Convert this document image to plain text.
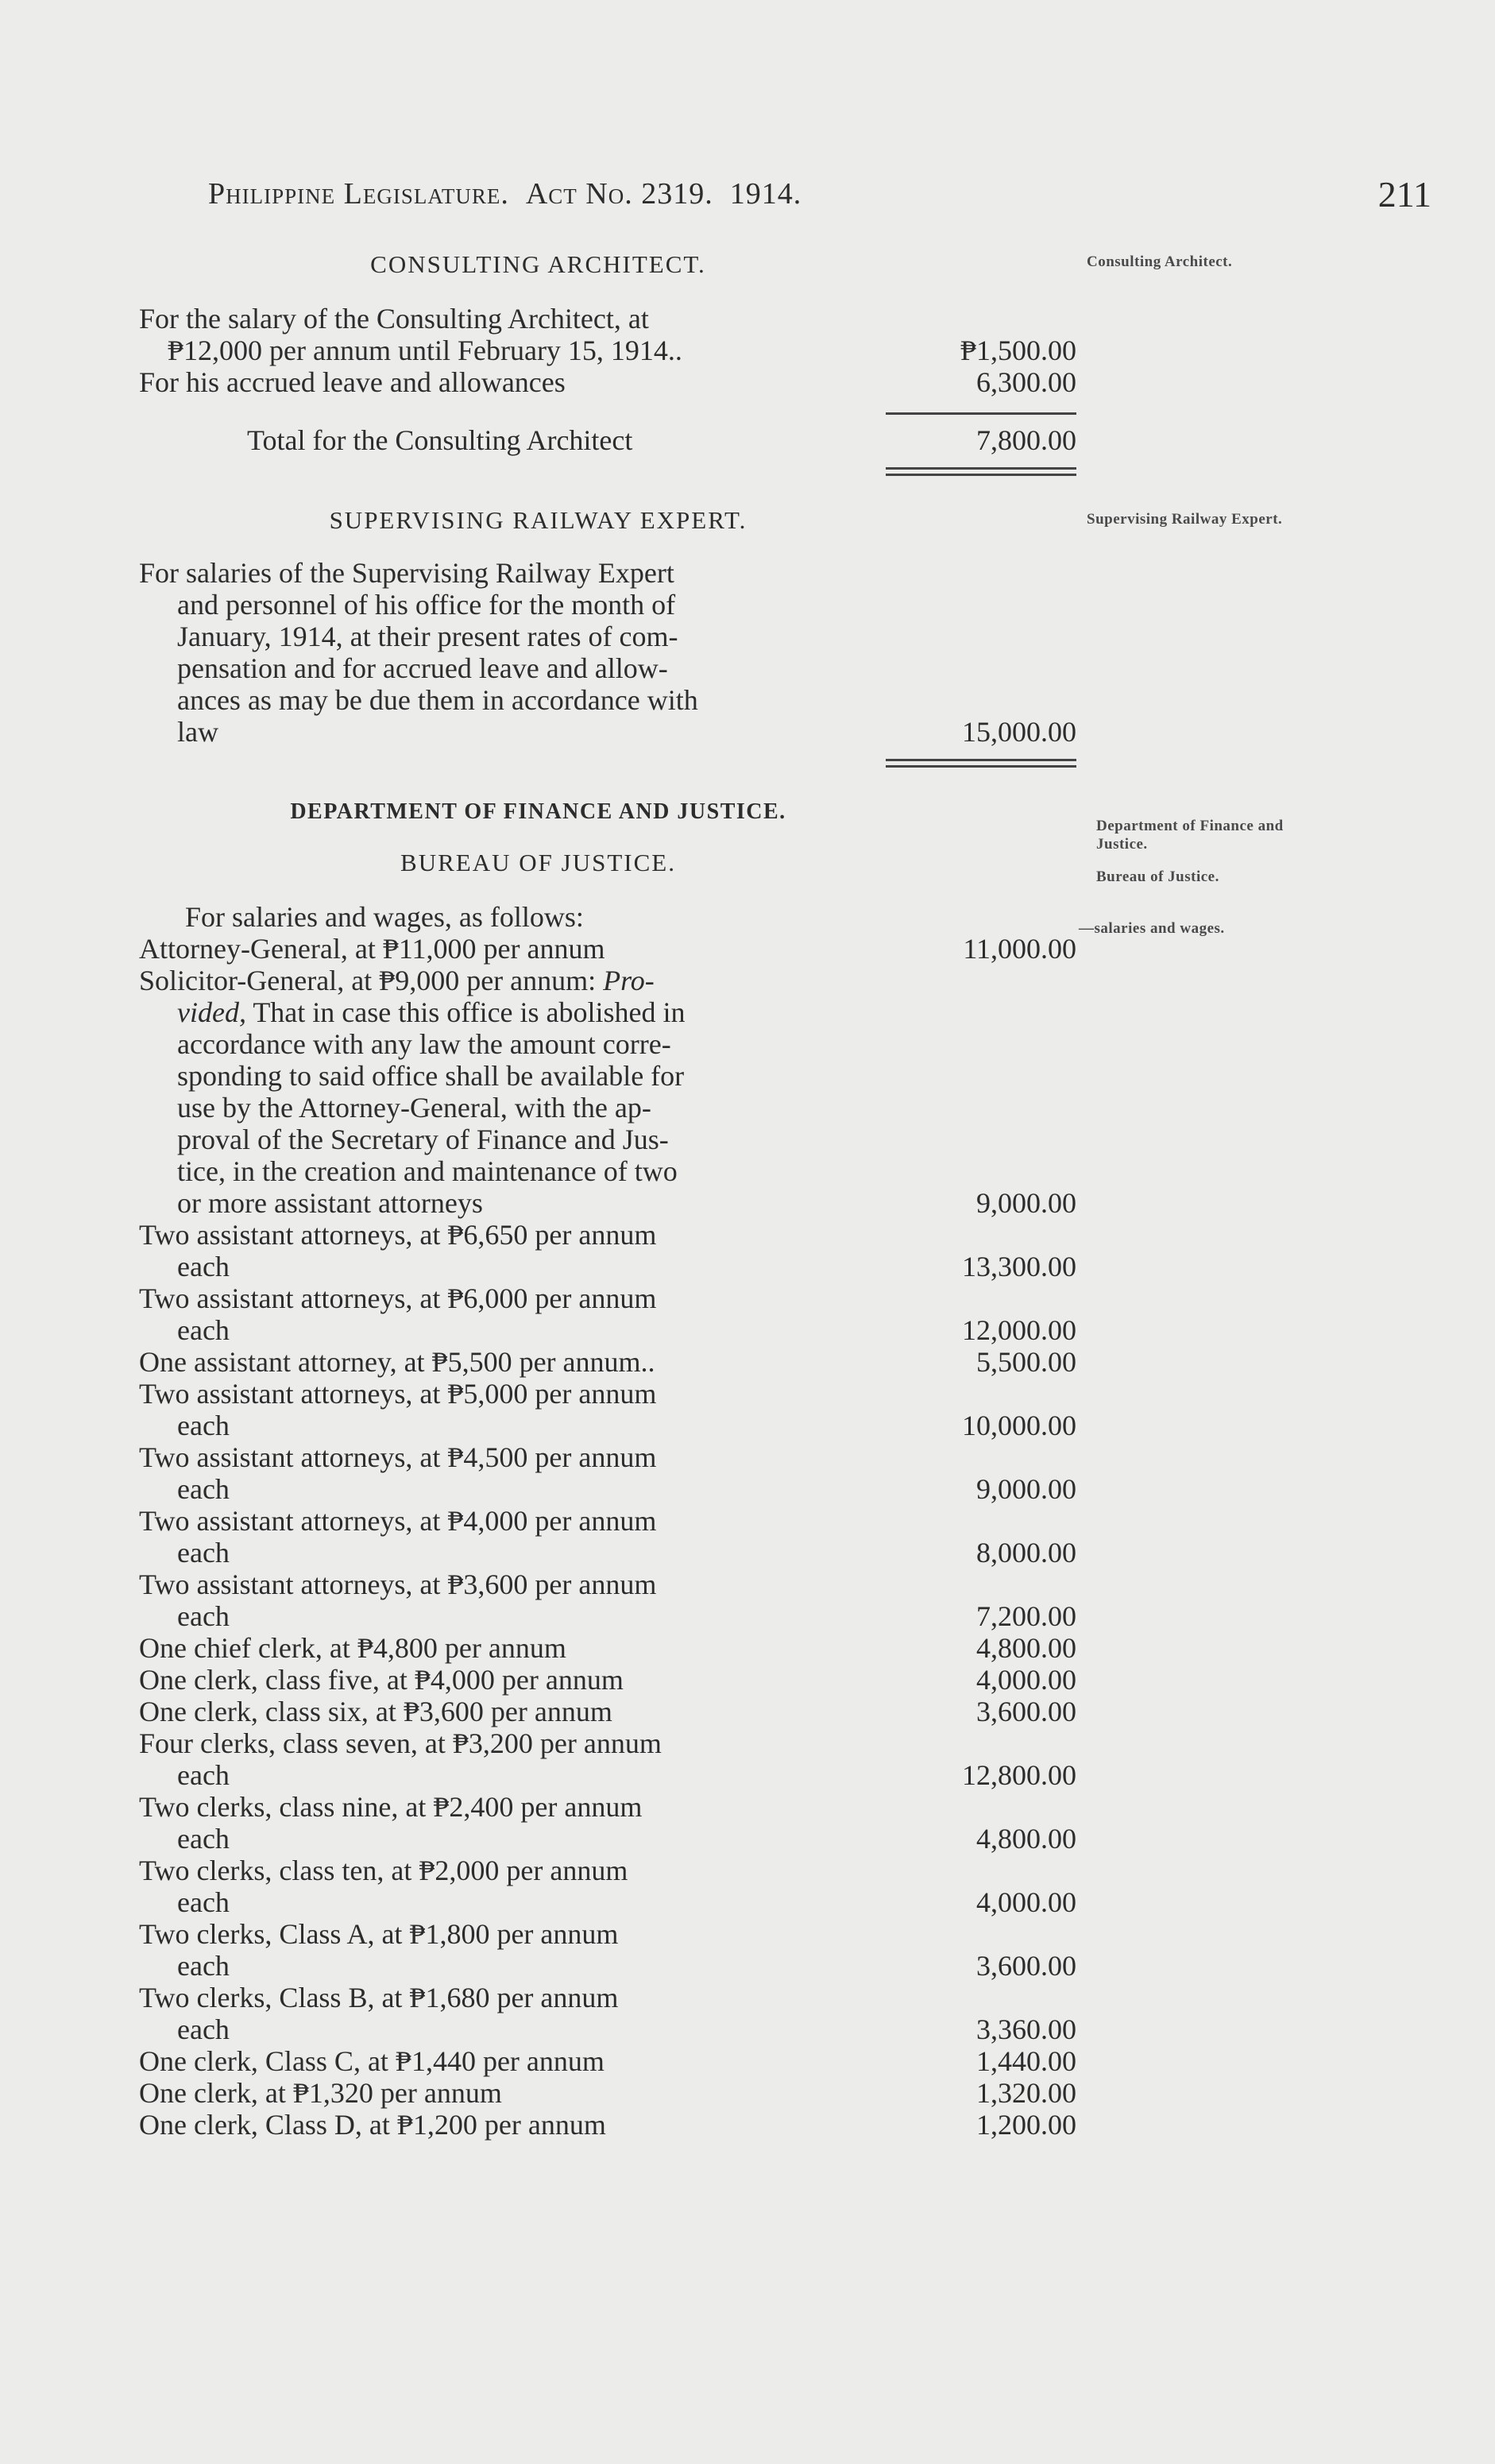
Philippine Legislature. Act No. 2319. 1914.	211
Consulting Architect.
Supervising Railway Expert.
Department of Finance and Justice.
Bureau of Justice.
—salaries and wages.
CONSULTING ARCHITECT.
For the salary of the Consulting Architect, at
₱12,000 per annum until February 15, 1914..	₱1,500.00
For his accrued leave and allowances	6,300.00
Total for the Consulting Architect	7,800.00
SUPERVISING RAILWAY EXPERT.
For salaries of the Supervising Railway Expert
and personnel of his office for the month of
January, 1914, at their present rates of com-
pensation and for accrued leave and allow-
ances as may be due them in accordance with
law	15,000.00
DEPARTMENT OF FINANCE AND JUSTICE.
BUREAU OF JUSTICE.
For salaries and wages, as follows:
Attorney-General, at ₱11,000 per annum	11,000.00
Solicitor-General, at ₱9,000 per annum: Pro-
vided, That in case this office is abolished in
accordance with any law the amount corre-
sponding to said office shall be available for
use by the Attorney-General, with the ap-
proval of the Secretary of Finance and Jus-
tice, in the creation and maintenance of two
or more assistant attorneys	9,000.00
Two assistant attorneys, at ₱6,650 per annum
each	13,300.00
Two assistant attorneys, at ₱6,000 per annum
each	12,000.00
One assistant attorney, at ₱5,500 per annum..	5,500.00
Two assistant attorneys, at ₱5,000 per annum
each	10,000.00
Two assistant attorneys, at ₱4,500 per annum
each	9,000.00
Two assistant attorneys, at ₱4,000 per annum
each	8,000.00
Two assistant attorneys, at ₱3,600 per annum
each	7,200.00
One chief clerk, at ₱4,800 per annum	4,800.00
One clerk, class five, at ₱4,000 per annum	4,000.00
One clerk, class six, at ₱3,600 per annum	3,600.00
Four clerks, class seven, at ₱3,200 per annum
each	12,800.00
Two clerks, class nine, at ₱2,400 per annum
each	4,800.00
Two clerks, class ten, at ₱2,000 per annum
each	4,000.00
Two clerks, Class A, at ₱1,800 per annum
each	3,600.00
Two clerks, Class B, at ₱1,680 per annum
each	3,360.00
One clerk, Class C, at ₱1,440 per annum	1,440.00
One clerk, at ₱1,320 per annum	1,320.00
One clerk, Class D, at ₱1,200 per annum	1,200.00
